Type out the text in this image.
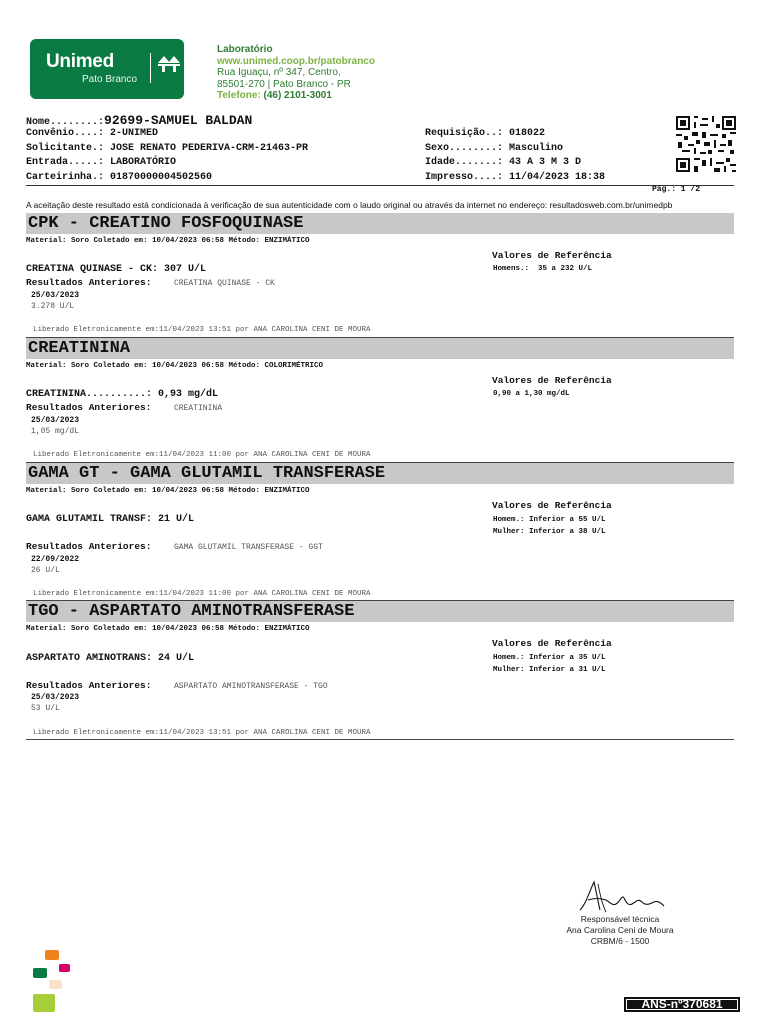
Unimed
Pato Branco
Laboratório
www.unimed.coop.br/patobranco
Rua Iguaçu, nº 347, Centro,
85501-270 | Pato Branco - PR
Telefone: (46) 2101-3001
Nome........:92699-SAMUEL BALDAN
Convênio....: 2-UNIMED
Solicitante.: JOSE RENATO PEDERIVA-CRM-21463-PR
Entrada.....: LABORATÓRIO
Carteirinha.: 01870000004502560
Requisição..: 018022
Sexo........: Masculino
Idade.......: 43 A 3 M 3 D
Impresso....: 11/04/2023 18:38
Pág.: 1 /2
A aceitação deste resultado está condicionada à verificação de sua autenticidade com o laudo original ou através da internet no endereço: resultadosweb.com.br/unimedpb
CPK - CREATINO FOSFOQUINASE
Material: Soro Coletado em: 10/04/2023 06:58 Método: ENZIMÁTICO
Valores de Referência
Homens.:  35 a 232 U/L
CREATINA QUINASE - CK: 307 U/L
Resultados Anteriores:	CREATINA QUINASE - CK
25/03/2023
3.278 U/L
Liberado Eletronicamente em:11/04/2023 13:51 por ANA CAROLINA CENI DE MOURA
CREATININA
Material: Soro Coletado em: 10/04/2023 06:58 Método: COLORIMÉTRICO
Valores de Referência
0,90 a 1,30 mg/dL
CREATININA..........: 0,93 mg/dL
Resultados Anteriores:	CREATININA
25/03/2023
1,05 mg/dL
Liberado Eletronicamente em:11/04/2023 11:00 por ANA CAROLINA CENI DE MOURA
GAMA GT - GAMA GLUTAMIL TRANSFERASE
Material: Soro Coletado em: 10/04/2023 06:58 Método: ENZIMÁTICO
Valores de Referência
Homem.: Inferior a 55 U/L
Mulher: Inferior a 38 U/L
GAMA GLUTAMIL TRANSF: 21 U/L
Resultados Anteriores:	GAMA GLUTAMIL TRANSFERASE - GGT
22/09/2022
26 U/L
Liberado Eletronicamente em:11/04/2023 11:00 por ANA CAROLINA CENI DE MOURA
TGO - ASPARTATO AMINOTRANSFERASE
Material: Soro Coletado em: 10/04/2023 06:58 Método: ENZIMÁTICO
Valores de Referência
Homem.: Inferior a 35 U/L
Mulher: Inferior a 31 U/L
ASPARTATO AMINOTRANS: 24 U/L
Resultados Anteriores:	ASPARTATO AMINOTRANSFERASE - TGO
25/03/2023
53 U/L
Liberado Eletronicamente em:11/04/2023 13:51 por ANA CAROLINA CENI DE MOURA
Responsável técnica
Ana Carolina Ceni de Moura
CRBM/6 - 1500
ANS-nº370681
